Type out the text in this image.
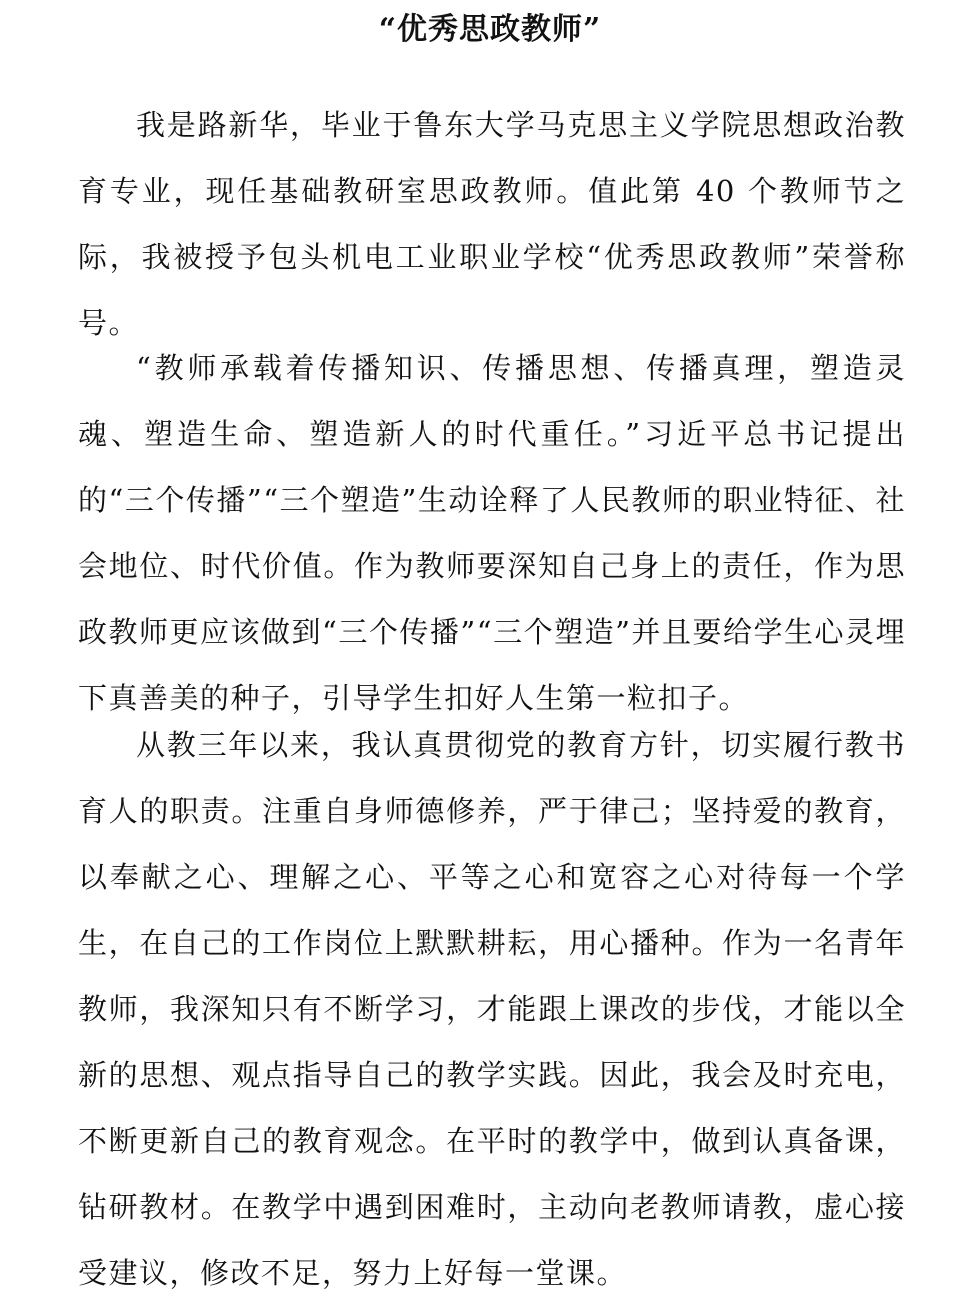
“优秀思政教师”

我是路新华，毕业于鲁东大学马克思主义学院思想政治教育专业，现任基础教研室思政教师。值此第 40 个教师节之际，我被授予包头机电工业职业学校“优秀思政教师”荣誉称号。

“教师承载着传播知识、传播思想、传播真理，塑造灵魂、塑造生命、塑造新人的时代重任。”习近平总书记提出的“三个传播”“三个塑造”生动诠释了人民教师的职业特征、社会地位、时代价值。作为教师要深知自己身上的责任，作为思政教师更应该做到“三个传播”“三个塑造”并且要给学生心灵埋下真善美的种子，引导学生扣好人生第一粒扣子。

从教三年以来，我认真贯彻党的教育方针，切实履行教书育人的职责。注重自身师德修养，严于律己；坚持爱的教育，以奉献之心、理解之心、平等之心和宽容之心对待每一个学生，在自己的工作岗位上默默耕耘，用心播种。作为一名青年教师，我深知只有不断学习，才能跟上课改的步伐，才能以全新的思想、观点指导自己的教学实践。因此，我会及时充电，不断更新自己的教育观念。在平时的教学中，做到认真备课，钻研教材。在教学中遇到困难时，主动向老教师请教，虚心接受建议，修改不足，努力上好每一堂课。
